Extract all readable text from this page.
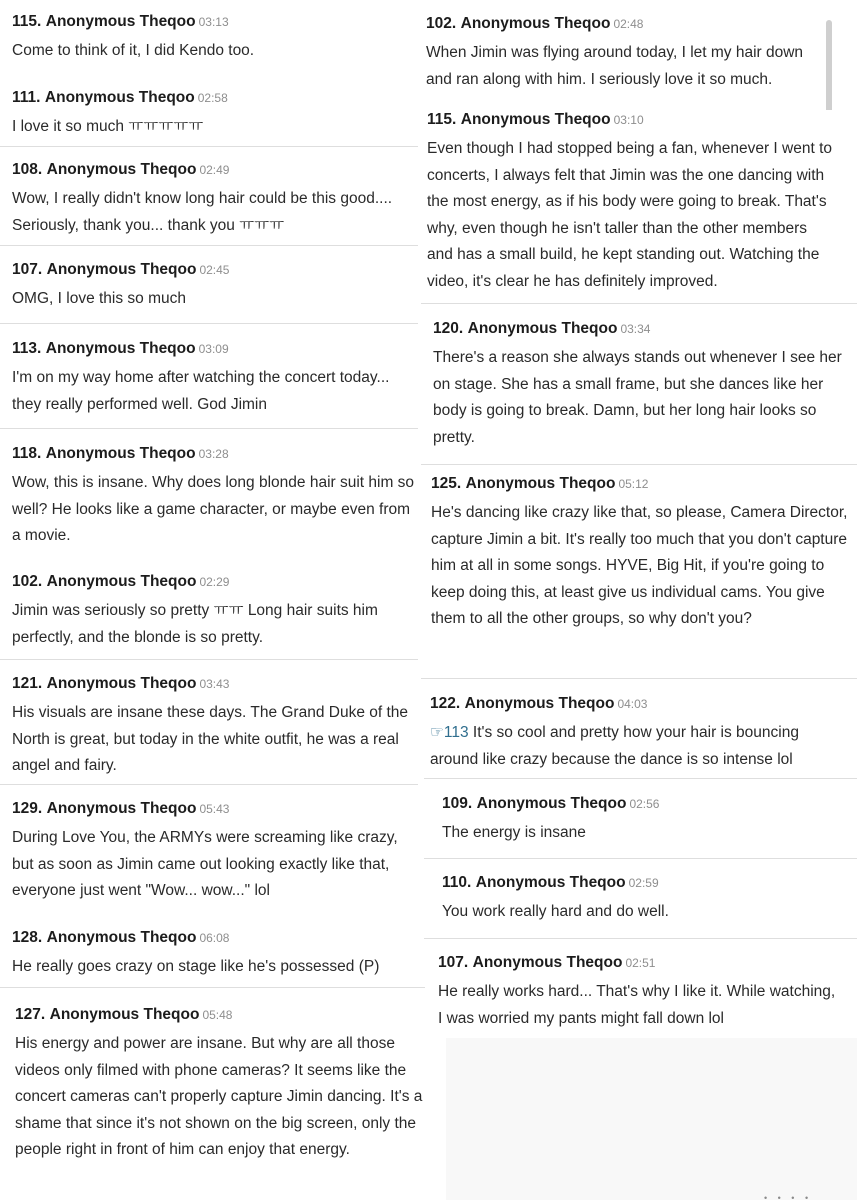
115. Anonymous Theqoo 03:13
Come to think of it, I did Kendo too.
111. Anonymous Theqoo 02:58
I love it so much ㅠㅠㅠㅠㅠ
108. Anonymous Theqoo 02:49
Wow, I really didn't know long hair could be this good.... Seriously, thank you... thank you ㅠㅠㅠ
107. Anonymous Theqoo 02:45
OMG, I love this so much
113. Anonymous Theqoo 03:09
I'm on my way home after watching the concert today... they really performed well. God Jimin
118. Anonymous Theqoo 03:28
Wow, this is insane. Why does long blonde hair suit him so well? He looks like a game character, or maybe even from a movie.
102. Anonymous Theqoo 02:29
Jimin was seriously so pretty ㅠㅠ Long hair suits him perfectly, and the blonde is so pretty.
121. Anonymous Theqoo 03:43
His visuals are insane these days. The Grand Duke of the North is great, but today in the white outfit, he was a real angel and fairy.
129. Anonymous Theqoo 05:43
During Love You, the ARMYs were screaming like crazy, but as soon as Jimin came out looking exactly like that, everyone just went "Wow... wow..." lol
128. Anonymous Theqoo 06:08
He really goes crazy on stage like he's possessed (P)
127. Anonymous Theqoo 05:48
His energy and power are insane. But why are all those videos only filmed with phone cameras? It seems like the concert cameras can't properly capture Jimin dancing. It's a shame that since it's not shown on the big screen, only the people right in front of him can enjoy that energy.
102. Anonymous Theqoo 02:48
When Jimin was flying around today, I let my hair down and ran along with him. I seriously love it so much.
115. Anonymous Theqoo 03:10
Even though I had stopped being a fan, whenever I went to concerts, I always felt that Jimin was the one dancing with the most energy, as if his body were going to break. That's why, even though he isn't taller than the other members and has a small build, he kept standing out. Watching the video, it's clear he has definitely improved.
120. Anonymous Theqoo 03:34
There's a reason she always stands out whenever I see her on stage. She has a small frame, but she dances like her body is going to break. Damn, but her long hair looks so pretty.
125. Anonymous Theqoo 05:12
He's dancing like crazy like that, so please, Camera Director, capture Jimin a bit. It's really too much that you don't capture him at all in some songs. HYVE, Big Hit, if you're going to keep doing this, at least give us individual cams. You give them to all the other groups, so why don't you?
122. Anonymous Theqoo 04:03
☞113 It's so cool and pretty how your hair is bouncing around like crazy because the dance is so intense lol
109. Anonymous Theqoo 02:56
The energy is insane
110. Anonymous Theqoo 02:59
You work really hard and do well.
107. Anonymous Theqoo 02:51
He really works hard... That's why I like it. While watching, I was worried my pants might fall down lol
• • • •
